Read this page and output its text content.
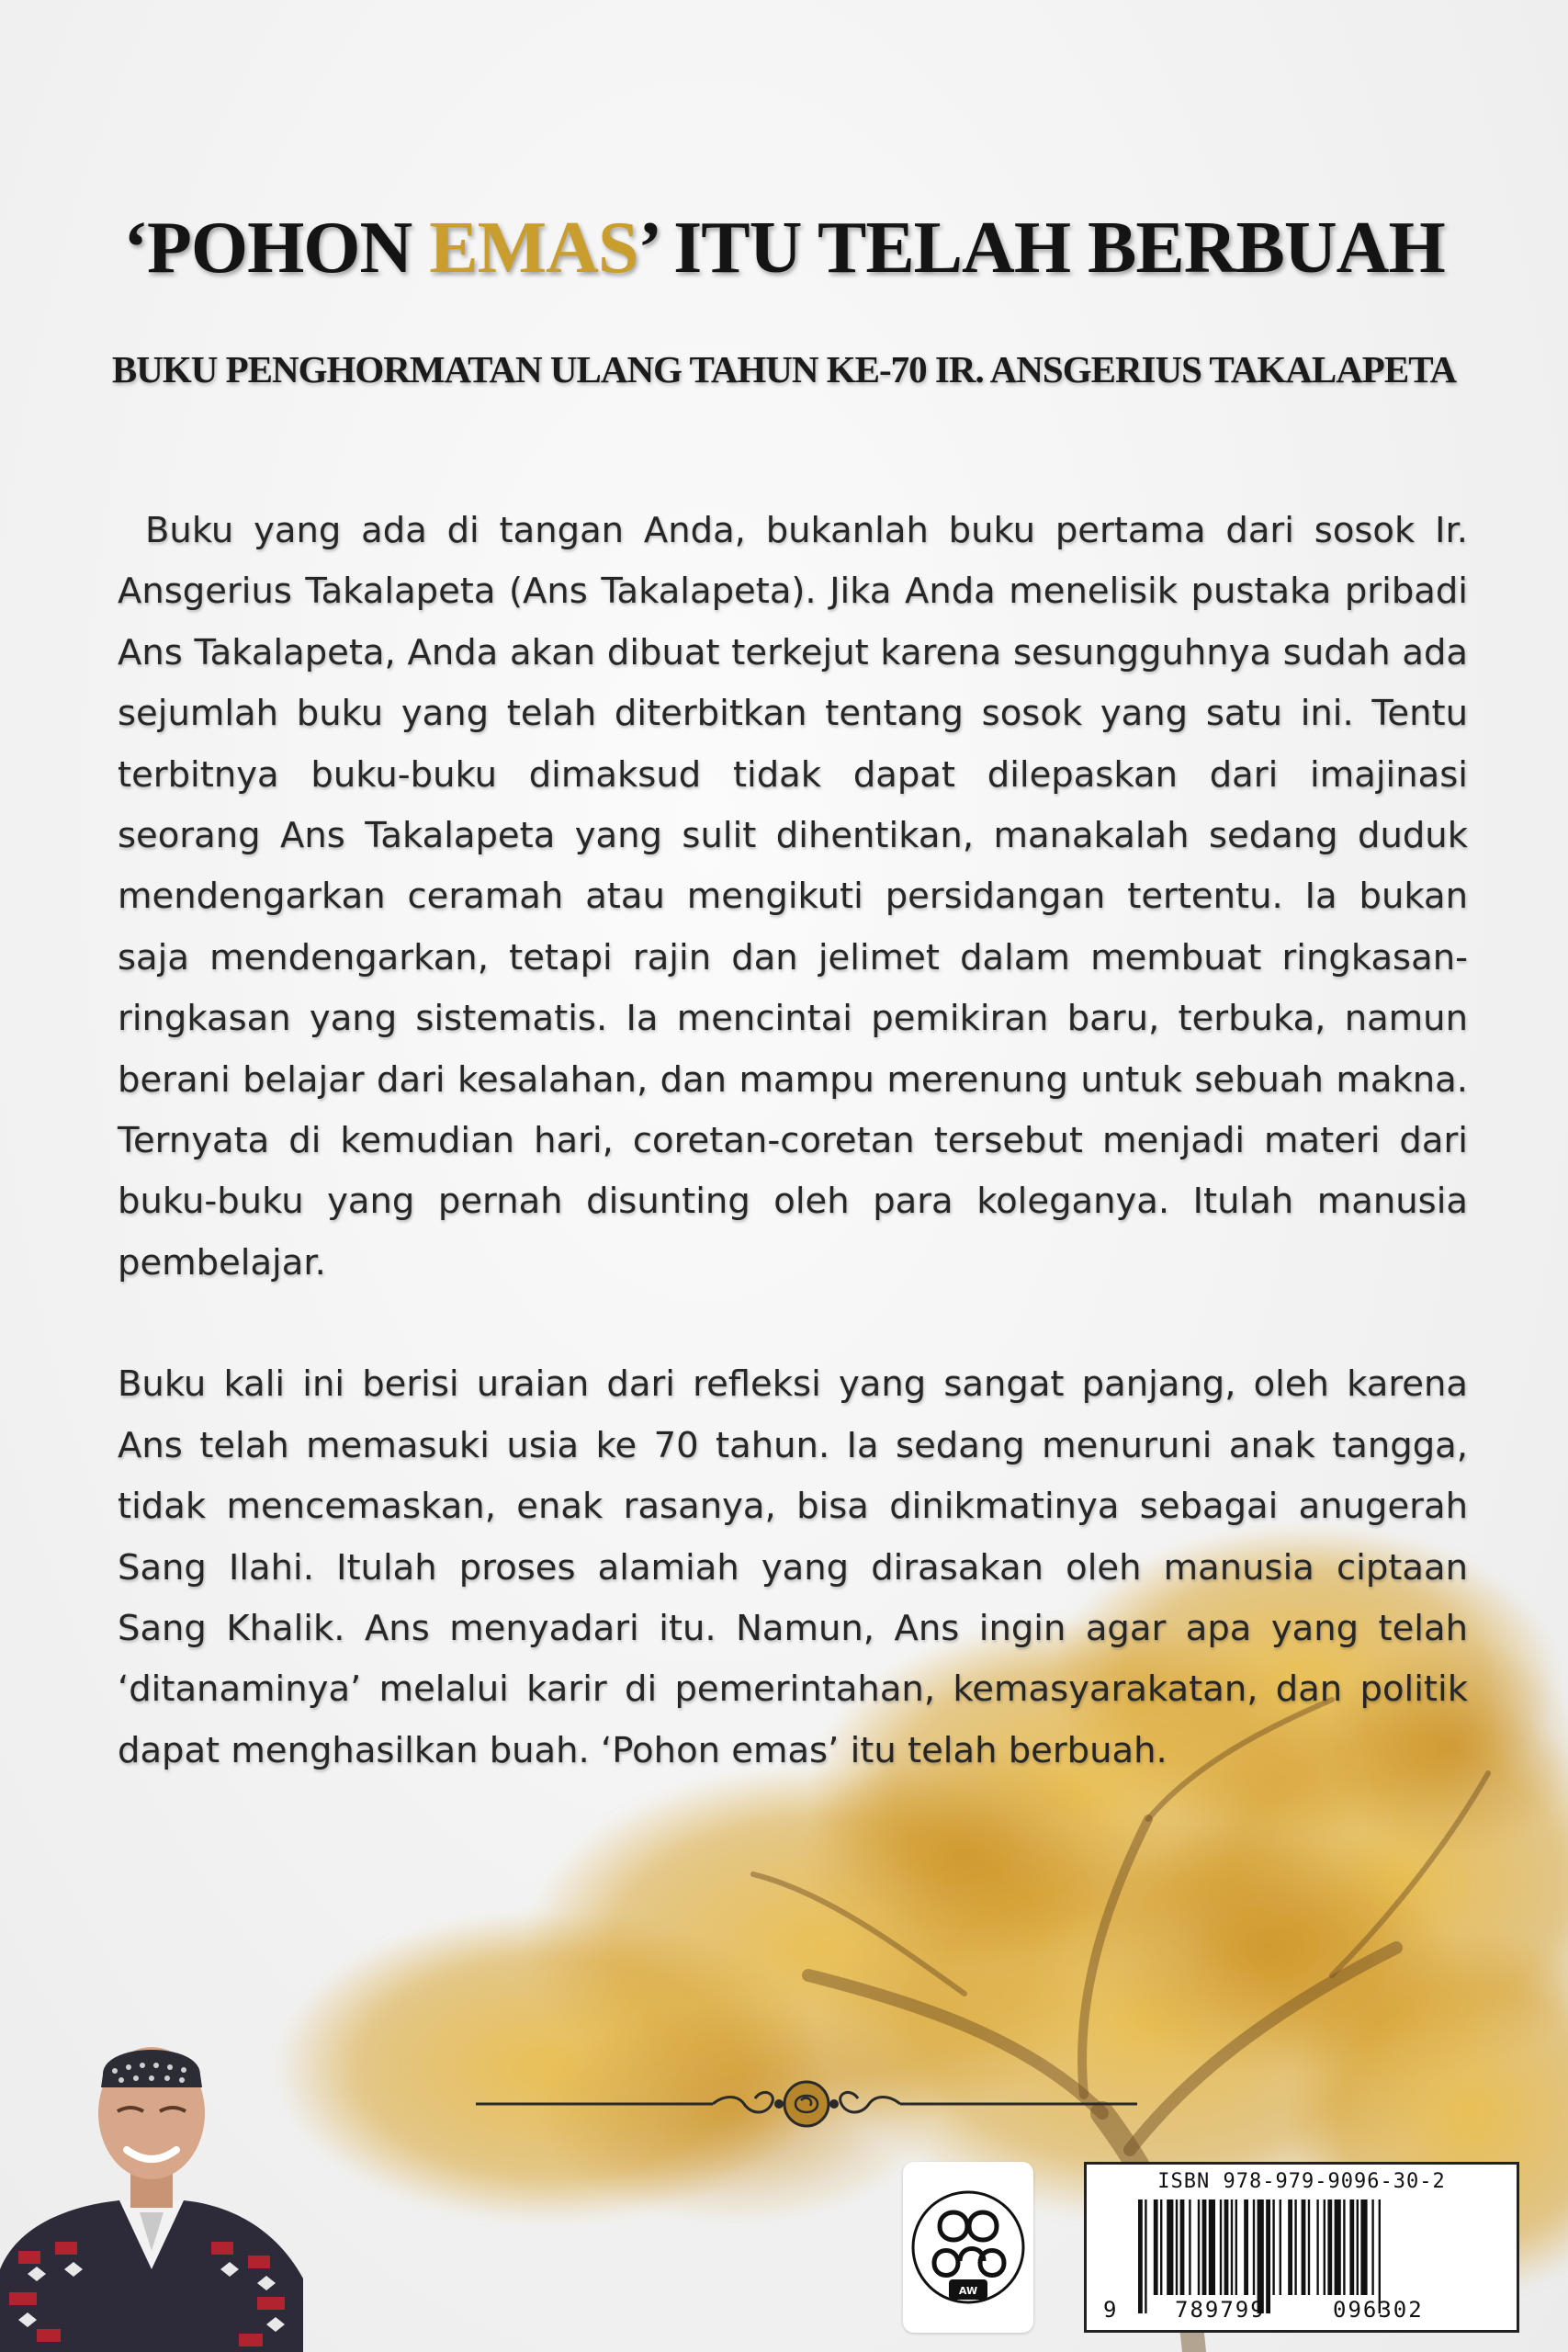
‘POHON EMAS’ ITU TELAH BERBUAH
BUKU PENGHORMATAN ULANG TAHUN KE-70 IR. ANSGERIUS TAKALAPETA

Buku yang ada di tangan Anda, bukanlah buku pertama dari sosok Ir. Ansgerius Takalapeta (Ans Takalapeta). Jika Anda menelisik pustaka pribadi Ans Takalapeta, Anda akan dibuat terkejut karena sesungguhnya sudah ada sejumlah buku yang telah diterbitkan tentang sosok yang satu ini. Tentu terbitnya buku-buku dimaksud tidak dapat dilepaskan dari imajinasi seorang Ans Takalapeta yang sulit dihentikan, manakalah sedang duduk mendengarkan ceramah atau mengikuti persidangan tertentu. Ia bukan saja mendengarkan, tetapi rajin dan jelimet dalam membuat ringkasan-ringkasan yang sistematis. Ia mencintai pemikiran baru, terbuka, namun berani belajar dari kesalahan, dan mampu merenung untuk sebuah makna. Ternyata di kemudian hari, coretan-coretan tersebut menjadi materi dari buku-buku yang pernah disunting oleh para koleganya. Itulah manusia pembelajar.

Buku kali ini berisi uraian dari refleksi yang sangat panjang, oleh karena Ans telah memasuki usia ke 70 tahun. Ia sedang menuruni anak tangga, tidak mencemaskan, enak rasanya, bisa dinikmatinya sebagai anugerah Sang Ilahi. Itulah proses alamiah yang dirasakan oleh manusia ciptaan Sang Khalik. Ans menyadari itu. Namun, Ans ingin agar apa yang telah ‘ditanaminya’ melalui karir di pemerintahan, kemasyarakatan, dan politik dapat menghasilkan buah. ‘Pohon emas’ itu telah berbuah.

AW
ISBN 978-979-9096-30-2
9	789799	096302
